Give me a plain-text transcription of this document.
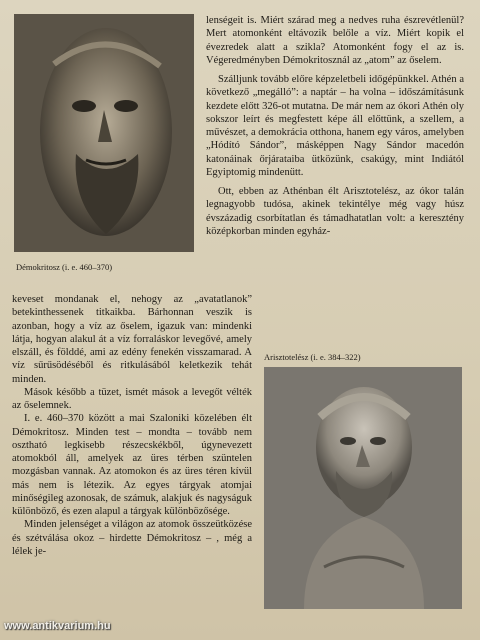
Démokritosz (i. e. 460–370)
Arisztotelész (i. e. 384–322)

lenségeit is. Miért szárad meg a nedves ruha észrevétlenül? Mert atomonként eltávozik belőle a víz. Miért kopik el évezredek alatt a szikla? Atomonként fogy el az is. Végeredményben Démokritosznál az „atom” az őselem.

Szálljunk tovább előre képzeletbeli időgépünkkel. Athén a következő „megálló”: a naptár – ha volna – időszámításunk kezdete előtt 326-ot mutatna. De már nem az ókori Athén oly sokszor leírt és megfestett képe áll előttünk, a szellem, a művészet, a demokrácia otthona, hanem egy város, amelyben „Hódító Sándor”, másképpen Nagy Sándor macedón katonáinak őrjárataiba ütközünk, csakúgy, mint Indiától Egyiptomig mindenütt.

Ott, ebben az Athénban élt Arisztotelész, az ókor talán legnagyobb tudósa, akinek tekintélye még vagy húsz évszázadig csorbítatlan és támadhatatlan volt: a keresztény középkorban minden egyház-

keveset mondanak el, nehogy az „avatatlanok” betekinthessenek titkaikba. Bárhonnan veszik is azonban, hogy a víz az őselem, igazuk van: mindenki látja, hogyan alakul át a víz forraláskor levegővé, amely elszáll, és földdé, ami az edény fenekén visszamarad. A víz sűrűsödéséből és ritkulásából keletkezik tehát minden.

Mások később a tüzet, ismét mások a levegőt vélték az őselemnek.

I. e. 460–370 között a mai Szaloniki közelében élt Démokritosz. Minden test – mondta – tovább nem osztható legkisebb részecskékből, úgynevezett atomokból áll, amelyek az üres térben szüntelen mozgásban vannak. Az atomokon és az üres téren kívül más nem is létezik. Az egyes tárgyak atomjai minőségileg azonosak, de számuk, alakjuk és nagyságuk különböző, és ezen alapul a tárgyak különbözősége.

Minden jelenséget a világon az atomok összeütközése és szétválása okoz – hirdette Démokritosz – , még a lélek je-

www.antikvarium.hu
